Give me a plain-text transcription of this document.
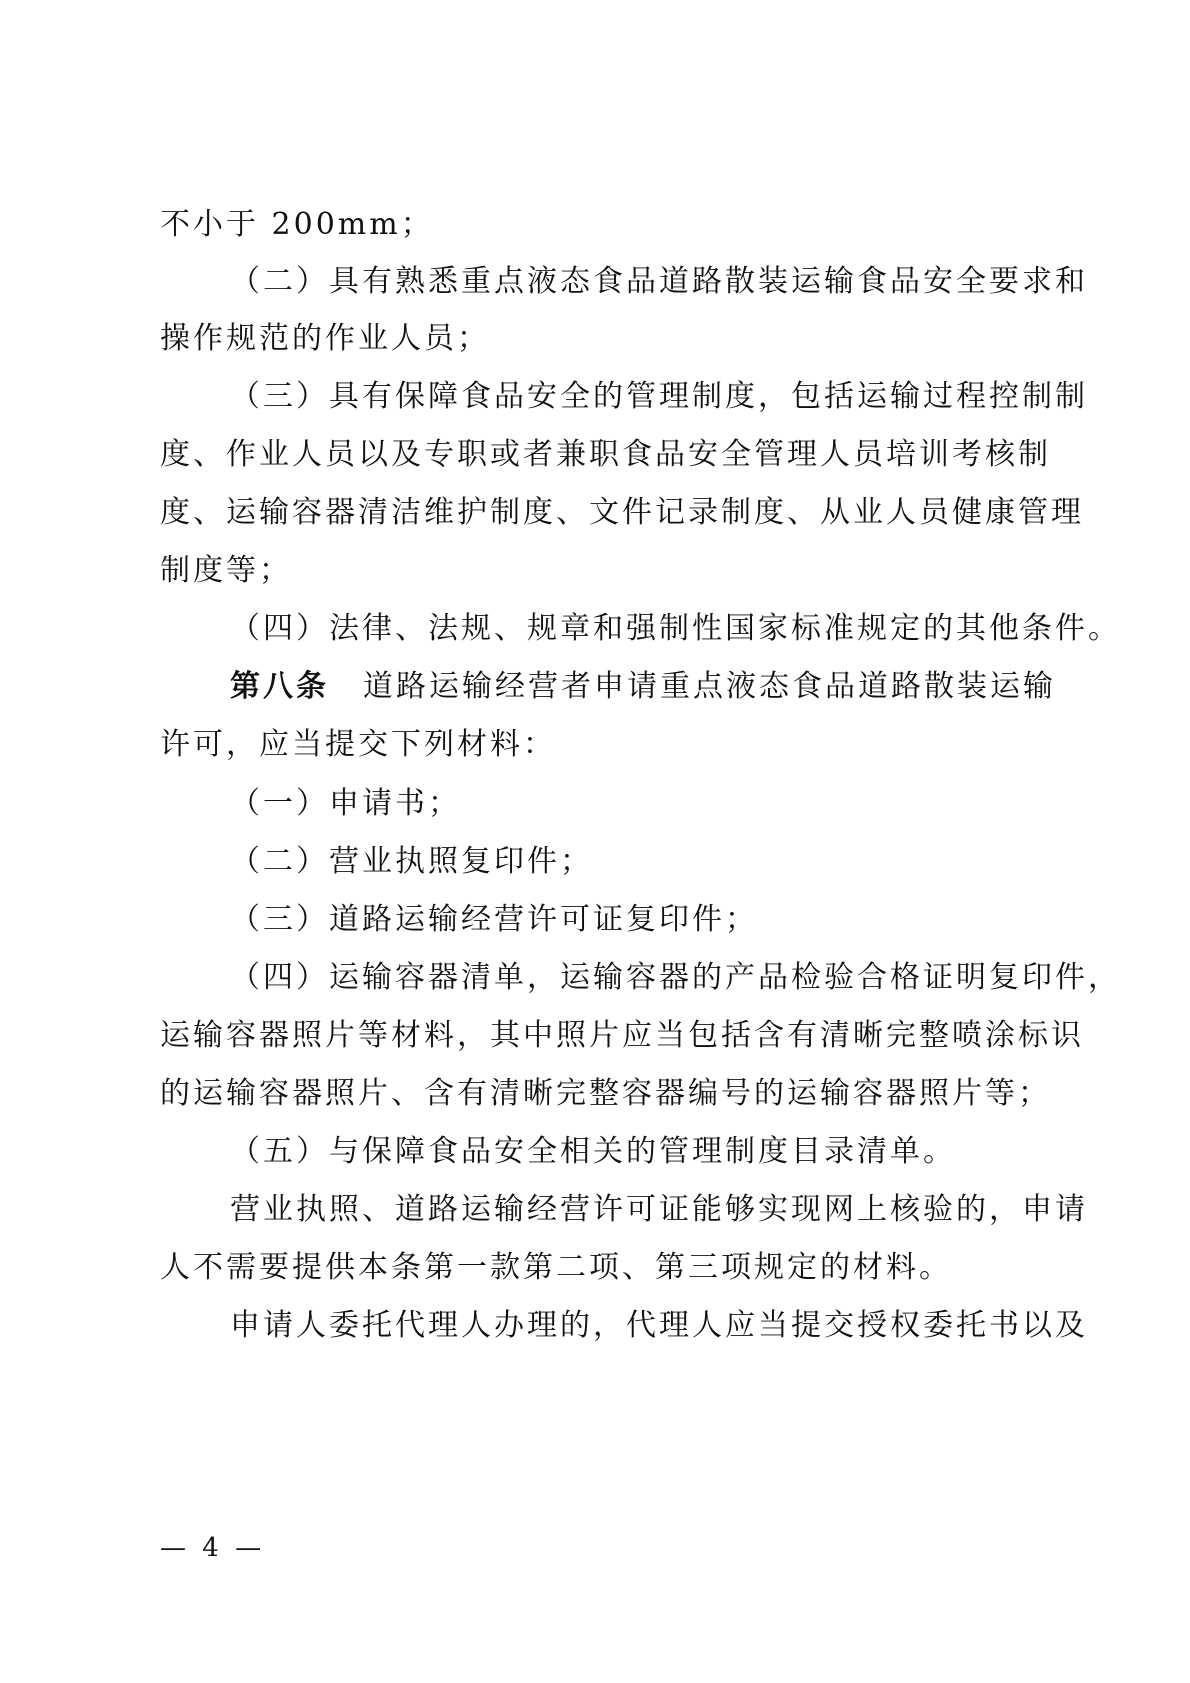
不小于 200mm；
（二）具有熟悉重点液态食品道路散装运输食品安全要求和
操作规范的作业人员；
（三）具有保障食品安全的管理制度，包括运输过程控制制
度、作业人员以及专职或者兼职食品安全管理人员培训考核制
度、运输容器清洁维护制度、文件记录制度、从业人员健康管理
制度等；
（四）法律、法规、规章和强制性国家标准规定的其他条件。
第八条 道路运输经营者申请重点液态食品道路散装运输
许可，应当提交下列材料：
（一）申请书；
（二）营业执照复印件；
（三）道路运输经营许可证复印件；
（四）运输容器清单，运输容器的产品检验合格证明复印件，
运输容器照片等材料，其中照片应当包括含有清晰完整喷涂标识
的运输容器照片、含有清晰完整容器编号的运输容器照片等；
（五）与保障食品安全相关的管理制度目录清单。
营业执照、道路运输经营许可证能够实现网上核验的，申请
人不需要提供本条第一款第二项、第三项规定的材料。
申请人委托代理人办理的，代理人应当提交授权委托书以及
— 4 —
